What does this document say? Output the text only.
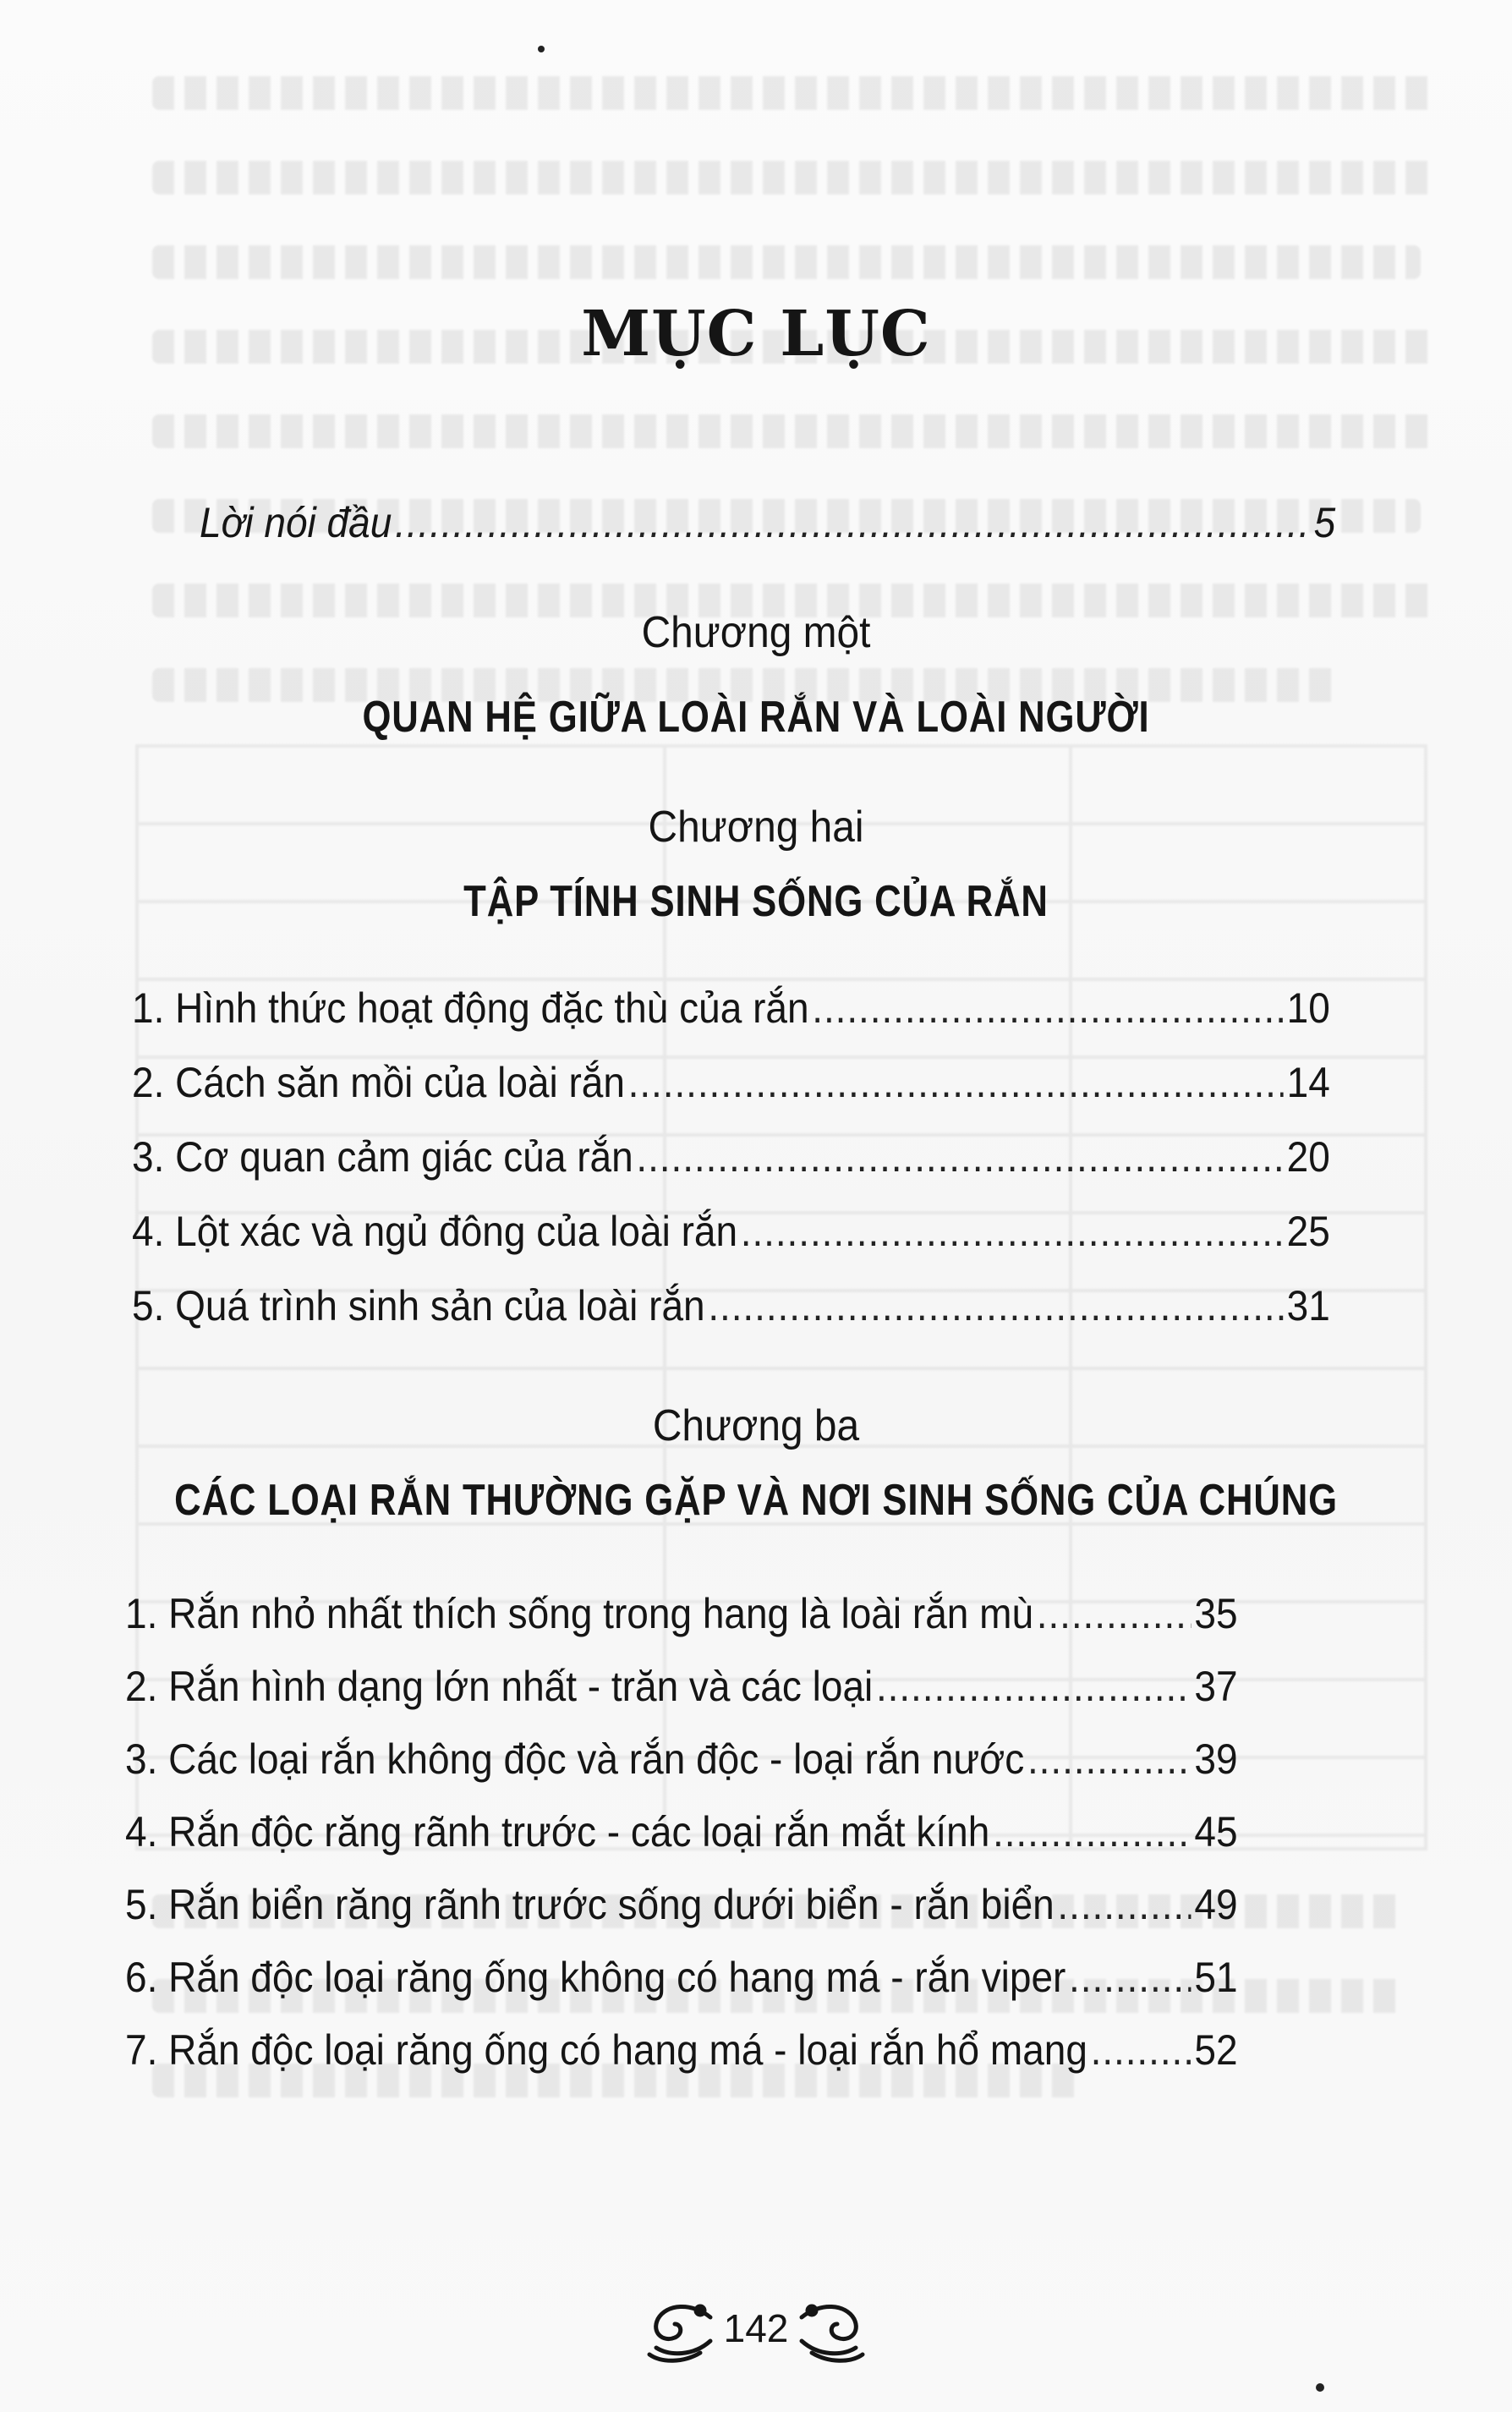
MỤC LỤC
Lời nói đầu .....	5
Chương một
QUAN HỆ GIỮA LOÀI RẮN VÀ LOÀI NGƯỜI
Chương hai
TẬP TÍNH SINH SỐNG CỦA RẮN
1. Hình thức hoạt động đặc thù của rắn .....	10
2. Cách săn mồi của loài rắn .....	14
3. Cơ quan cảm giác của rắn .....	20
4. Lột xác và ngủ đông của loài rắn .....	25
5. Quá trình sinh sản của loài rắn .....	31
Chương ba
CÁC LOẠI RẮN THƯỜNG GẶP VÀ NƠI SINH SỐNG CỦA CHÚNG
1. Rắn nhỏ nhất thích sống trong hang là loài rắn mù .....	35
2. Rắn hình dạng lớn nhất - trăn và các loại .....	37
3. Các loại rắn không độc và rắn độc - loại rắn nước .....	39
4. Rắn độc răng rãnh trước - các loại rắn mắt kính .....	45
5. Rắn biển răng rãnh trước sống dưới biển - rắn biển .....	49
6. Rắn độc loại răng ống không có hang má - rắn viper .....	51
7. Rắn độc loại răng ống có hang má - loại rắn hổ mang .....	52
142
